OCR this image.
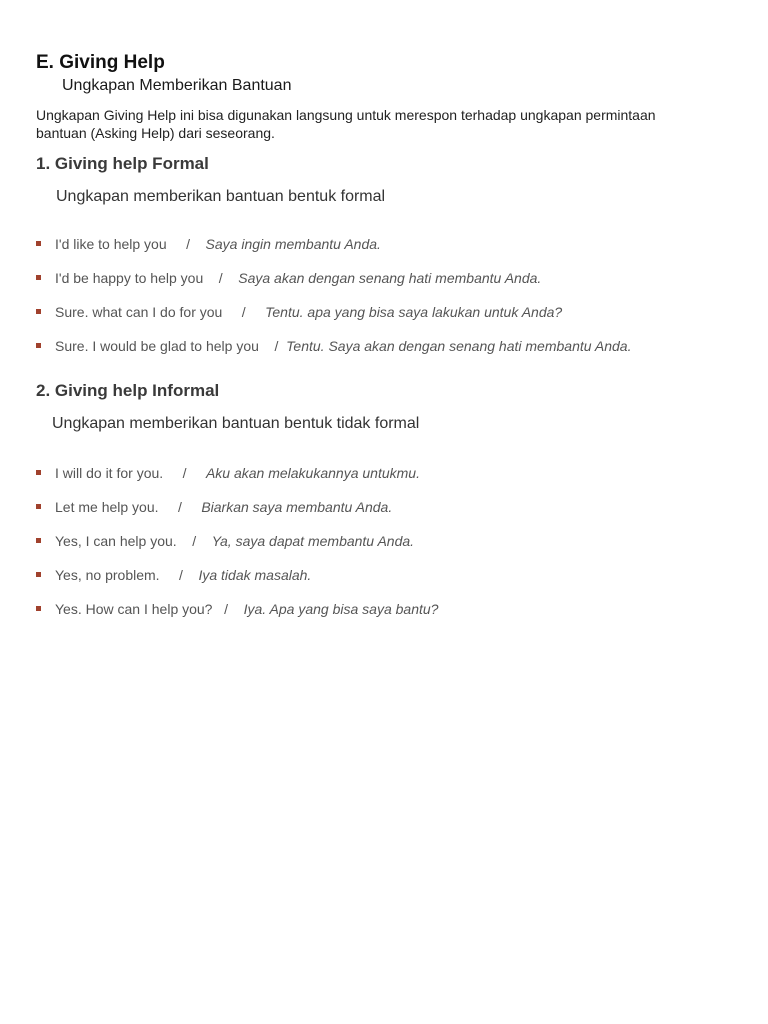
E. Giving Help
Ungkapan Memberikan Bantuan

Ungkapan Giving Help ini bisa digunakan langsung untuk merespon terhadap ungkapan permintaan bantuan (Asking Help) dari seseorang.

1. Giving help Formal
Ungkapan memberikan bantuan bentuk formal
I'd like to help you / Saya ingin membantu Anda.
I'd be happy to help you / Saya akan dengan senang hati membantu Anda.
Sure. what can I do for you / Tentu. apa yang bisa saya lakukan untuk Anda?
Sure. I would be glad to help you / Tentu. Saya akan dengan senang hati membantu Anda.
2. Giving help Informal
Ungkapan memberikan bantuan bentuk tidak formal
I will do it for you. / Aku akan melakukannya untukmu.
Let me help you. / Biarkan saya membantu Anda.
Yes, I can help you. / Ya, saya dapat membantu Anda.
Yes, no problem. / Iya tidak masalah.
Yes. How can I help you? / Iya. Apa yang bisa saya bantu?
